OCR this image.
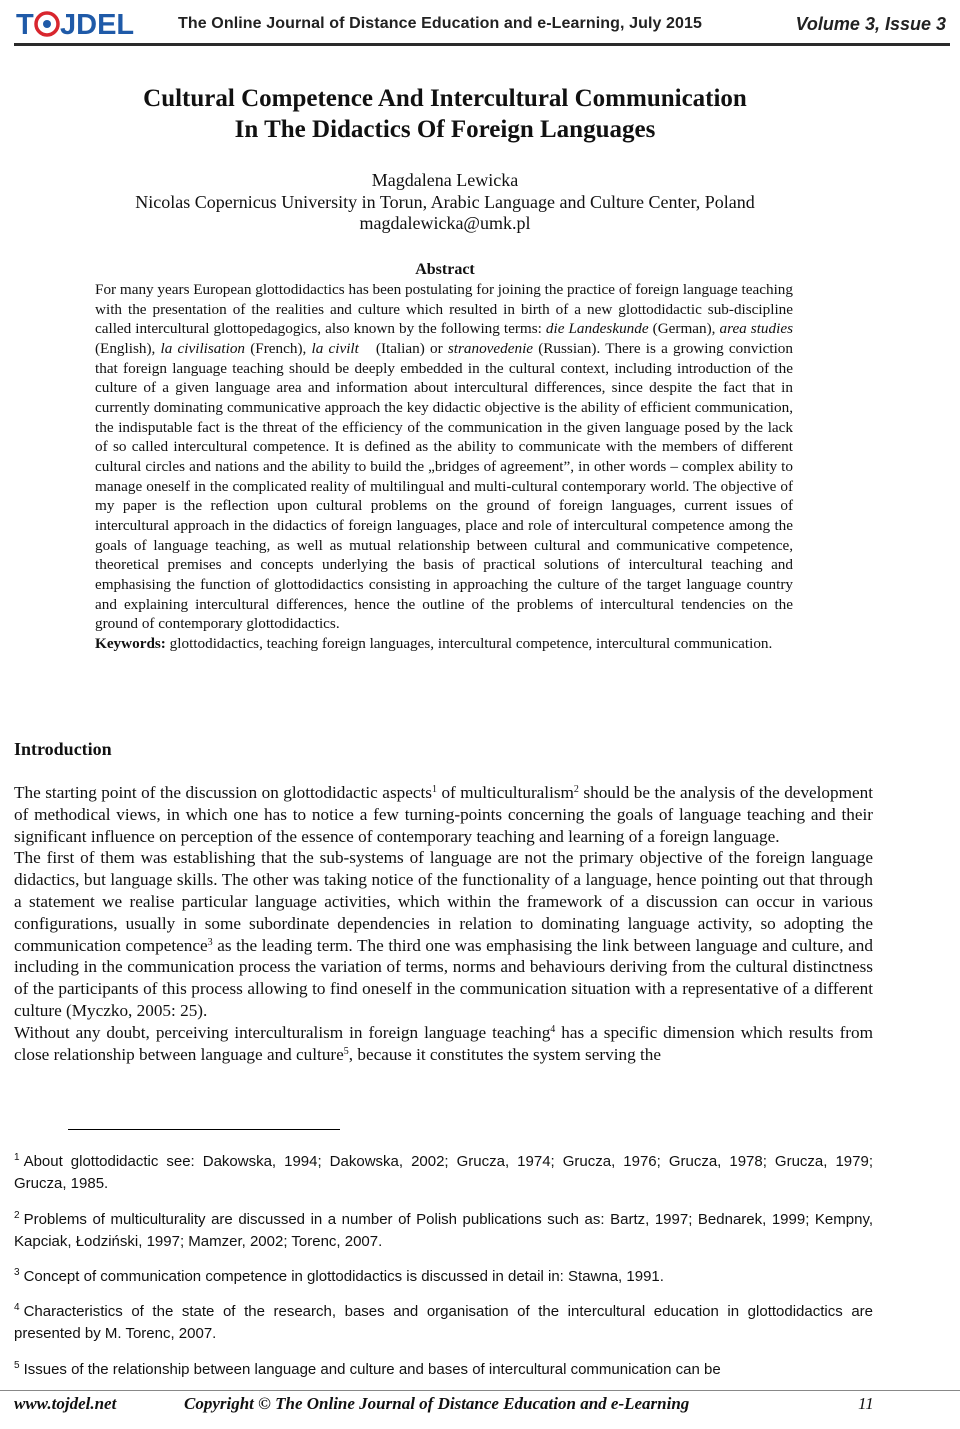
T JDEL	The Online Journal of Distance Education and e-Learning, July 2015	Volume 3, Issue 3
Cultural Competence And Intercultural Communication
In The Didactics Of Foreign Languages
Magdalena Lewicka
Nicolas Copernicus University in Torun, Arabic Language and Culture Center, Poland
magdalewicka@umk.pl
Abstract

For many years European glottodidactics has been postulating for joining the practice of foreign language teaching with the presentation of the realities and culture which resulted in birth of a new glottodidactic sub-discipline called intercultural glottopedagogics, also known by the following terms: die Landeskunde (German), area studies (English), la civilisation (French), la civilt  (Italian) or stranovedenie (Russian). There is a growing conviction that foreign language teaching should be deeply embedded in the cultural context, including introduction of the culture of a given language area and information about intercultural differences, since despite the fact that in currently dominating communicative approach the key didactic objective is the ability of efficient communication, the indisputable fact is the threat of the efficiency of the communication in the given language posed by the lack of so called intercultural competence. It is defined as the ability to communicate with the members of different cultural circles and nations and the ability to build the „bridges of agreement”, in other words – complex ability to manage oneself in the complicated reality of multilingual and multi-cultural contemporary world. The objective of my paper is the reflection upon cultural problems on the ground of foreign languages, current issues of intercultural approach in the didactics of foreign languages, place and role of intercultural competence among the goals of language teaching, as well as mutual relationship between cultural and communicative competence, theoretical premises and concepts underlying the basis of practical solutions of intercultural teaching and emphasising the function of glottodidactics consisting in approaching the culture of the target language country and explaining intercultural differences, hence the outline of the problems of intercultural tendencies on the ground of contemporary glottodidactics.

Keywords: glottodidactics, teaching foreign languages, intercultural competence, intercultural communication.

Introduction

The starting point of the discussion on glottodidactic aspects$^1$ of multiculturalism$^2$ should be the analysis of the development of methodical views, in which one has to notice a few turning-points concerning the goals of language teaching and their significant influence on perception of the essence of contemporary teaching and learning of a foreign language.

The first of them was establishing that the sub-systems of language are not the primary objective of the foreign language didactics, but language skills. The other was taking notice of the functionality of a language, hence pointing out that through a statement we realise particular language activities, which within the framework of a discussion can occur in various configurations, usually in some subordinate dependencies in relation to dominating language activity, so adopting the communication competence$^3$ as the leading term. The third one was emphasising the link between language and culture, and including in the communication process the variation of terms, norms and behaviours deriving from the cultural distinctness of the participants of this process allowing to find oneself in the communication situation with a representative of a different culture (Myczko, 2005: 25).

Without any doubt, perceiving interculturalism in foreign language teaching$^4$ has a specific dimension which results from close relationship between language and culture$^5$, because it constitutes the system serving the

$^1$ About glottodidactic see: Dakowska, 1994; Dakowska, 2002; Grucza, 1974; Grucza, 1976; Grucza, 1978; Grucza, 1979; Grucza, 1985.
$^2$ Problems of multiculturality are discussed in a number of Polish publications such as: Bartz, 1997; Bednarek, 1999; Kempny, Kapciak, Łodziński, 1997; Mamzer, 2002; Torenc, 2007.
$^3$ Concept of communication competence in glottodidactics is discussed in detail in: Stawna, 1991.
$^4$ Characteristics of the state of the research, bases and organisation of the intercultural education in glottodidactics are presented by M. Torenc, 2007.
$^5$ Issues of the relationship between language and culture and bases of intercultural communication can be
www.tojdel.net	Copyright © The Online Journal of Distance Education and e-Learning	11
